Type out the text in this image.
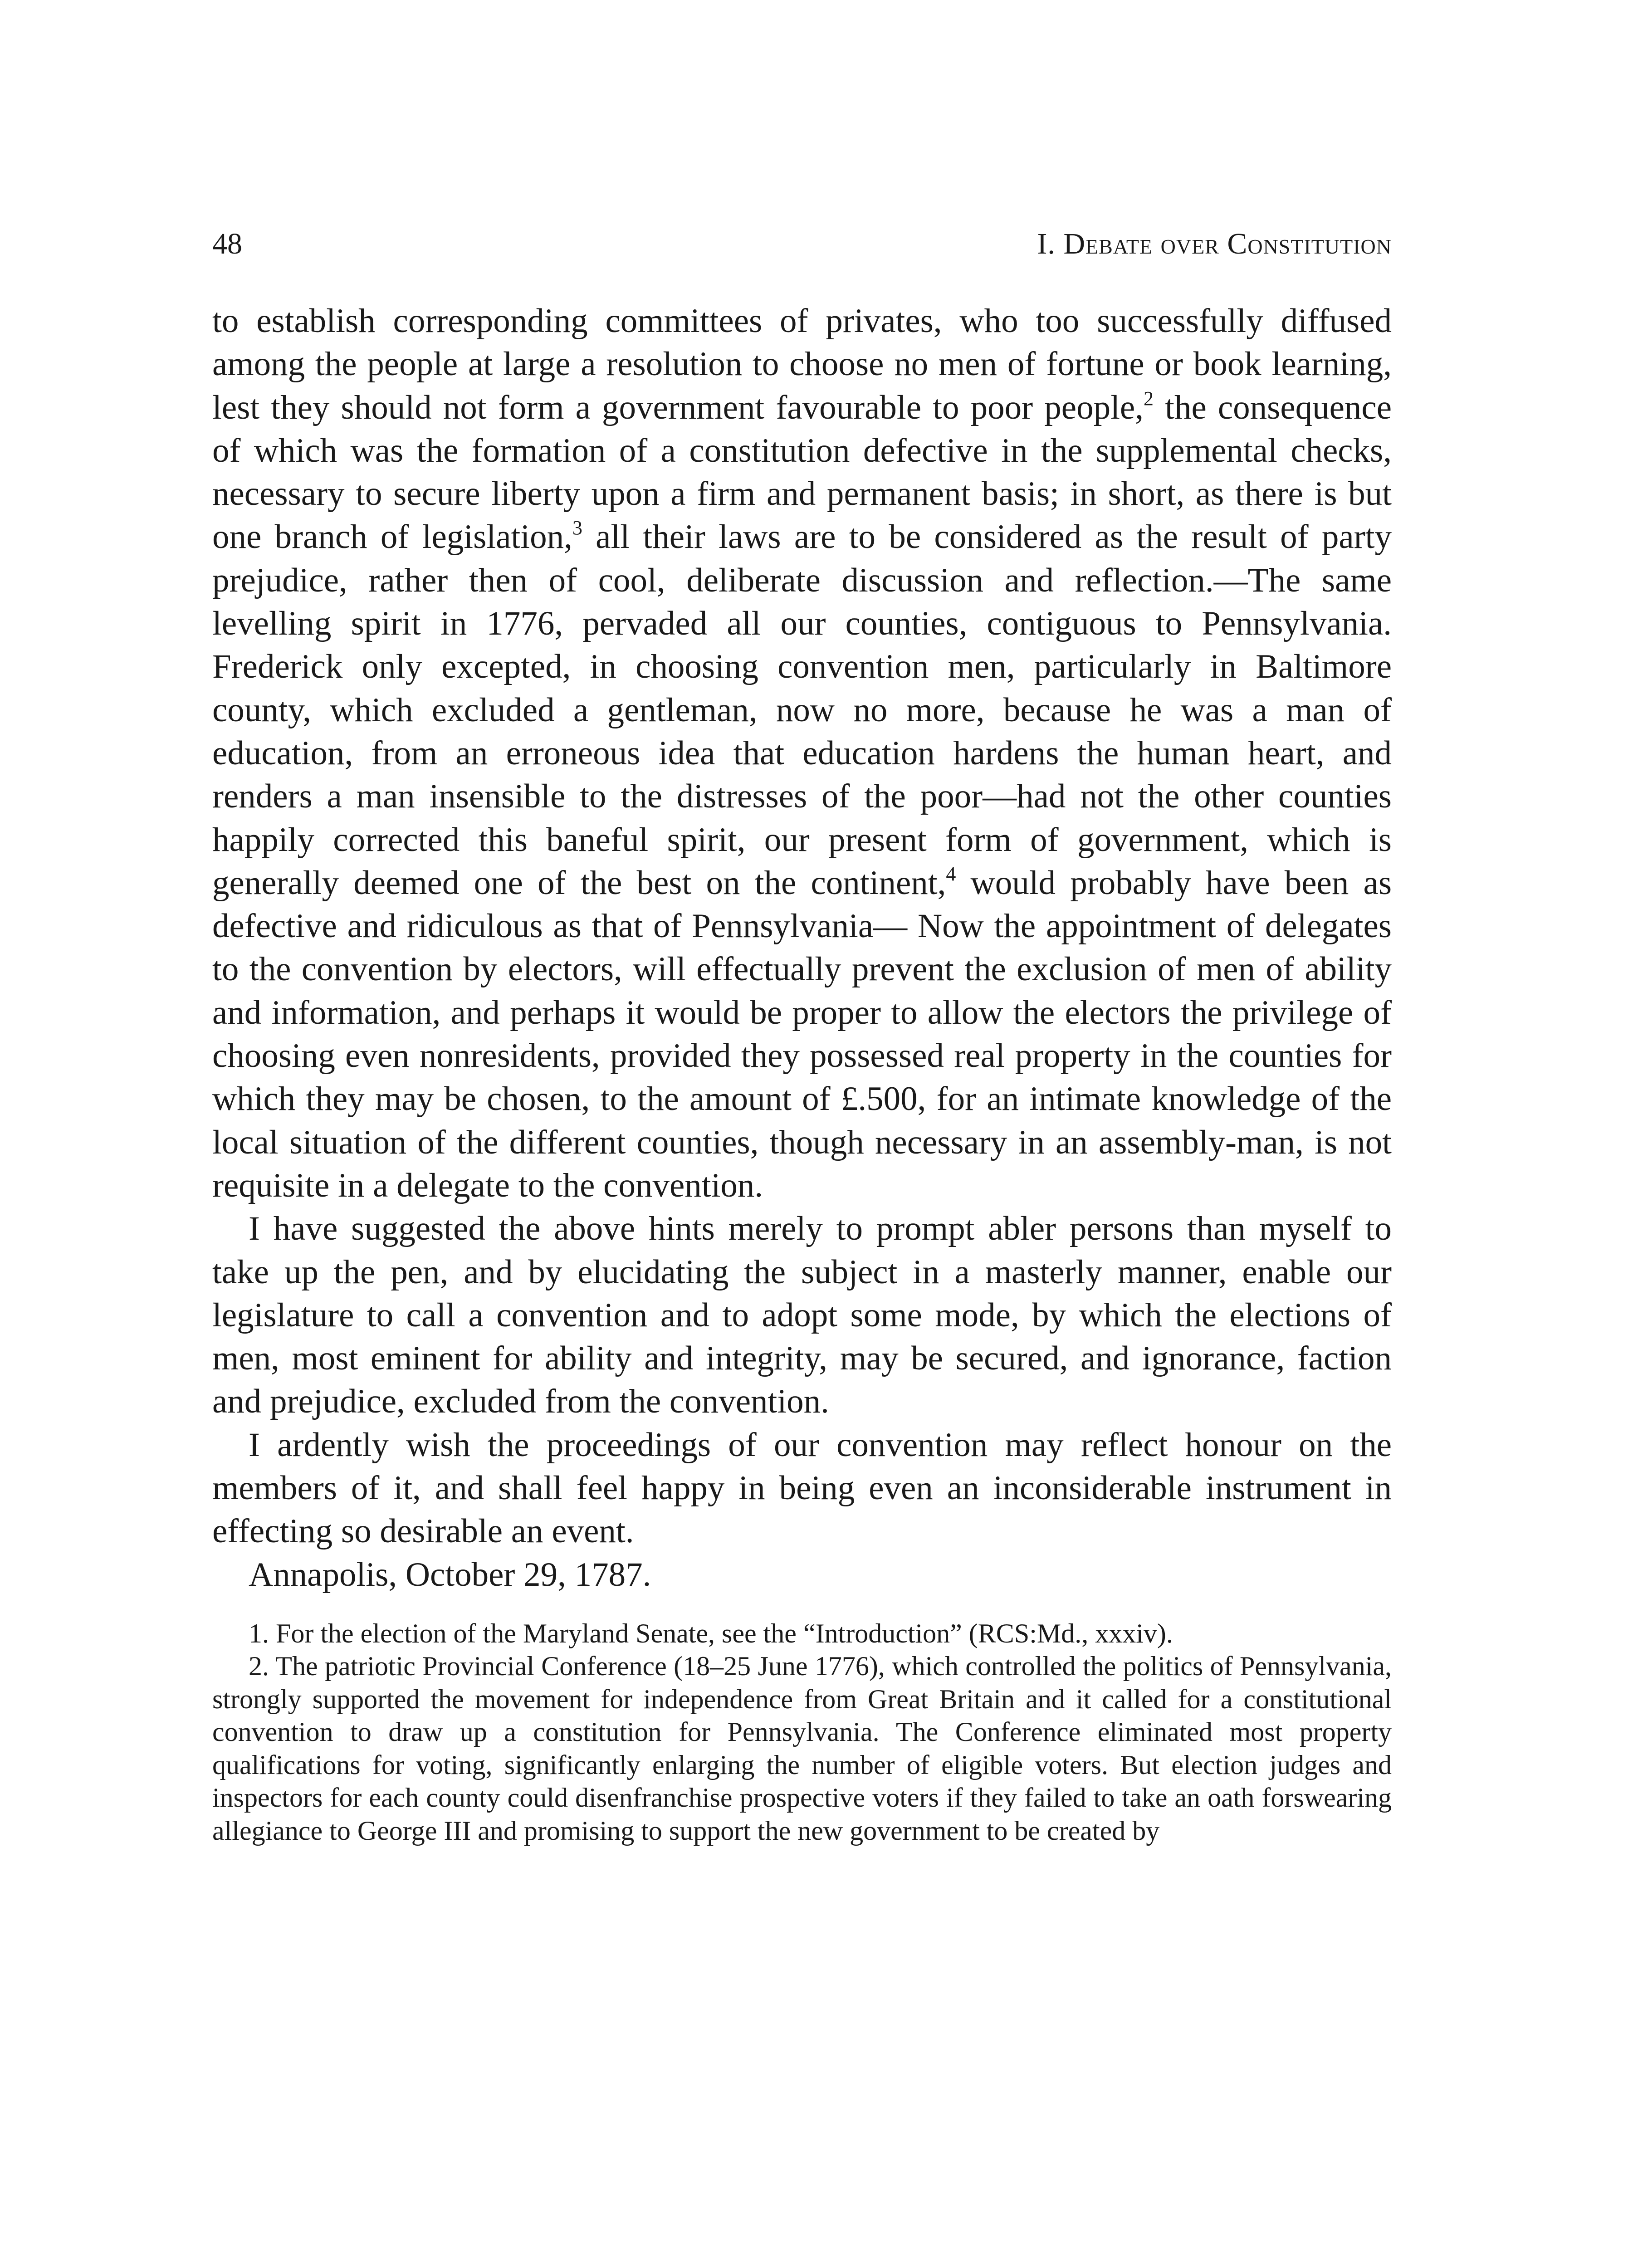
48	I. Debate over Constitution

to establish corresponding committees of privates, who too successfully diffused among the people at large a resolution to choose no men of fortune or book learning, lest they should not form a government favourable to poor people,$^2$ the consequence of which was the formation of a constitution defective in the supplemental checks, necessary to secure liberty upon a firm and permanent basis; in short, as there is but one branch of legislation,$^3$ all their laws are to be considered as the result of party prejudice, rather then of cool, deliberate discussion and reflection.—The same levelling spirit in 1776, pervaded all our counties, contiguous to Pennsylvania. Frederick only excepted, in choosing convention men, particularly in Baltimore county, which excluded a gentleman, now no more, because he was a man of education, from an erroneous idea that education hardens the human heart, and renders a man insensible to the distresses of the poor—had not the other counties happily corrected this baneful spirit, our present form of government, which is generally deemed one of the best on the continent,$^4$ would probably have been as defective and ridiculous as that of Pennsylvania— Now the appointment of delegates to the convention by electors, will effectually prevent the exclusion of men of ability and information, and perhaps it would be proper to allow the electors the privilege of choosing even nonresidents, provided they possessed real property in the counties for which they may be chosen, to the amount of £.500, for an intimate knowledge of the local situation of the different counties, though necessary in an assembly-man, is not requisite in a delegate to the convention.

I have suggested the above hints merely to prompt abler persons than myself to take up the pen, and by elucidating the subject in a masterly manner, enable our legislature to call a convention and to adopt some mode, by which the elections of men, most eminent for ability and integrity, may be secured, and ignorance, faction and prejudice, excluded from the convention.

I ardently wish the proceedings of our convention may reflect honour on the members of it, and shall feel happy in being even an inconsiderable instrument in effecting so desirable an event.

Annapolis, October 29, 1787.

1. For the election of the Maryland Senate, see the “Introduction” (RCS:Md., xxxiv).

2. The patriotic Provincial Conference (18–25 June 1776), which controlled the politics of Pennsylvania, strongly supported the movement for independence from Great Britain and it called for a constitutional convention to draw up a constitution for Pennsylvania. The Conference eliminated most property qualifications for voting, significantly enlarging the number of eligible voters. But election judges and inspectors for each county could disenfranchise prospective voters if they failed to take an oath forswearing allegiance to George III and promising to support the new government to be created by
